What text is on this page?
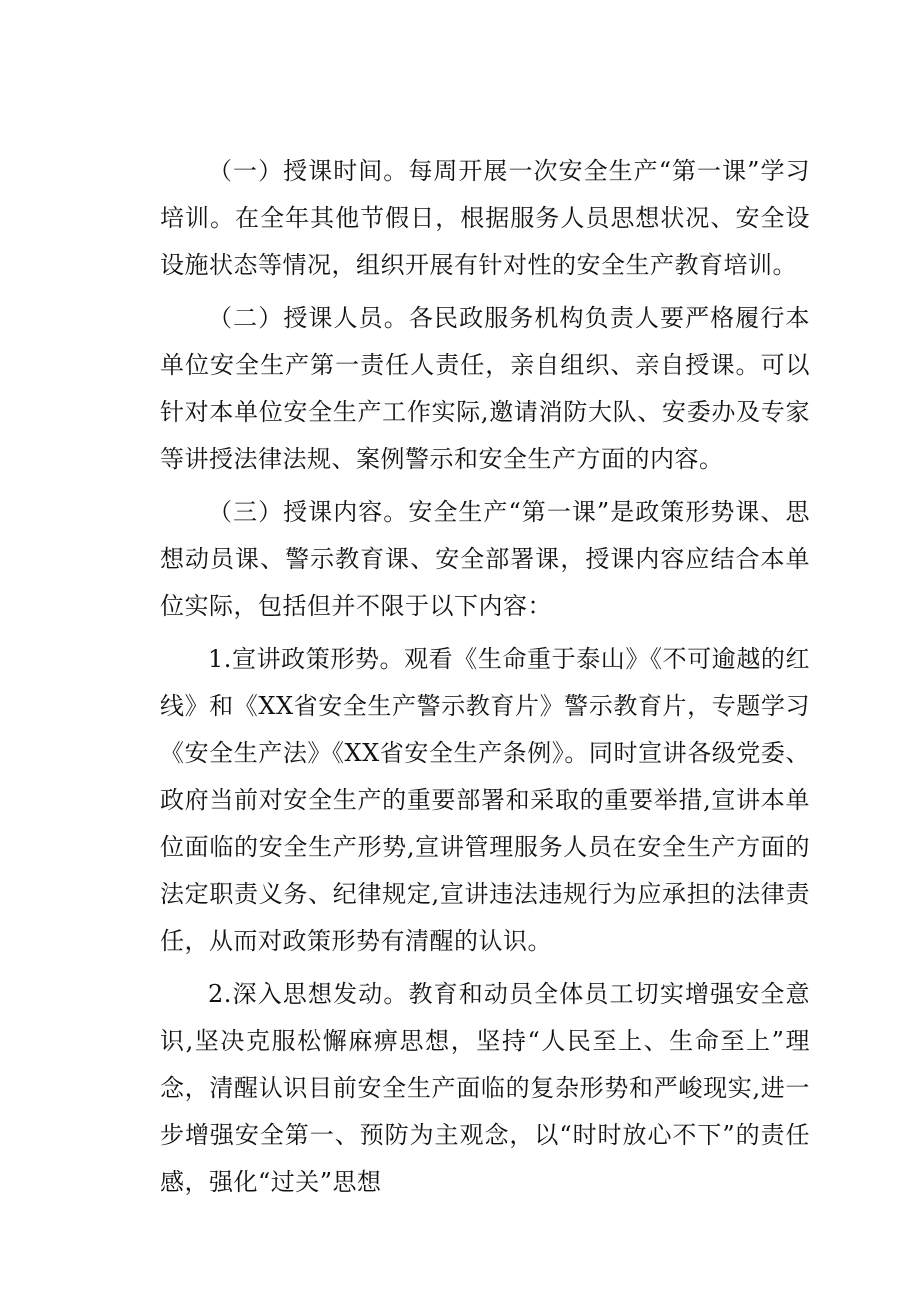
（一）授课时间。每周开展一次安全生产“第一课”学习培训。在全年其他节假日，根据服务人员思想状况、安全设设施状态等情况，组织开展有针对性的安全生产教育培训。

（二）授课人员。各民政服务机构负责人要严格履行本单位安全生产第一责任人责任，亲自组织、亲自授课。可以针对本单位安全生产工作实际,邀请消防大队、安委办及专家等讲授法律法规、案例警示和安全生产方面的内容。

（三）授课内容。安全生产“第一课”是政策形势课、思想动员课、警示教育课、安全部署课，授课内容应结合本单位实际，包括但并不限于以下内容：

1.宣讲政策形势。观看《生命重于泰山》《不可逾越的红线》和《XX省安全生产警示教育片》警示教育片，专题学习《安全生产法》《XX省安全生产条例》。同时宣讲各级党委、政府当前对安全生产的重要部署和采取的重要举措,宣讲本单位面临的安全生产形势,宣讲管理服务人员在安全生产方面的法定职责义务、纪律规定,宣讲违法违规行为应承担的法律责任，从而对政策形势有清醒的认识。

2.深入思想发动。教育和动员全体员工切实增强安全意识,坚决克服松懈麻痹思想，坚持“人民至上、生命至上”理念，清醒认识目前安全生产面临的复杂形势和严峻现实,进一步增强安全第一、预防为主观念，以“时时放心不下”的责任感，强化“过关”思想
